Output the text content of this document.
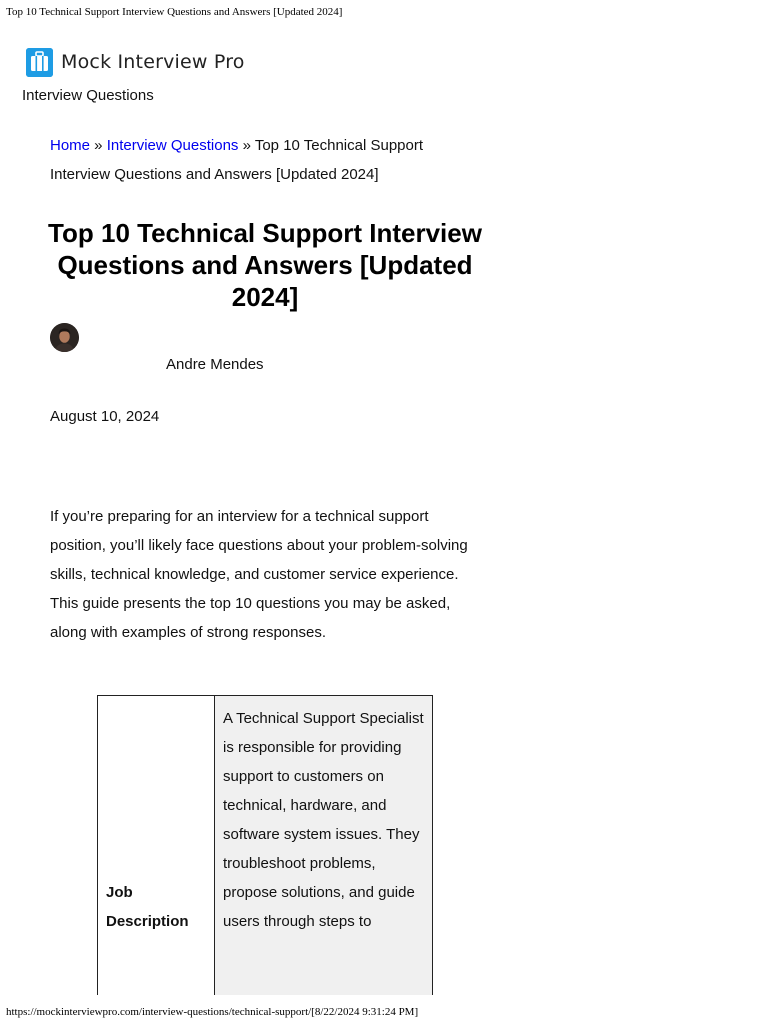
Top 10 Technical Support Interview Questions and Answers [Updated 2024]
Mock Interview Pro
Interview Questions
Home » Interview Questions » Top 10 Technical Support Interview Questions and Answers [Updated 2024]
Top 10 Technical Support Interview Questions and Answers [Updated 2024]
Andre Mendes
August 10, 2024

If you’re preparing for an interview for a technical support position, you’ll likely face questions about your problem-solving skills, technical knowledge, and customer service experience. This guide presents the top 10 questions you may be asked, along with examples of strong responses.

Job Description
A Technical Support Specialist is responsible for providing support to customers on technical, hardware, and software system issues. They troubleshoot problems, propose solutions, and guide users through steps to
https://mockinterviewpro.com/interview-questions/technical-support/[8/22/2024 9:31:24 PM]
